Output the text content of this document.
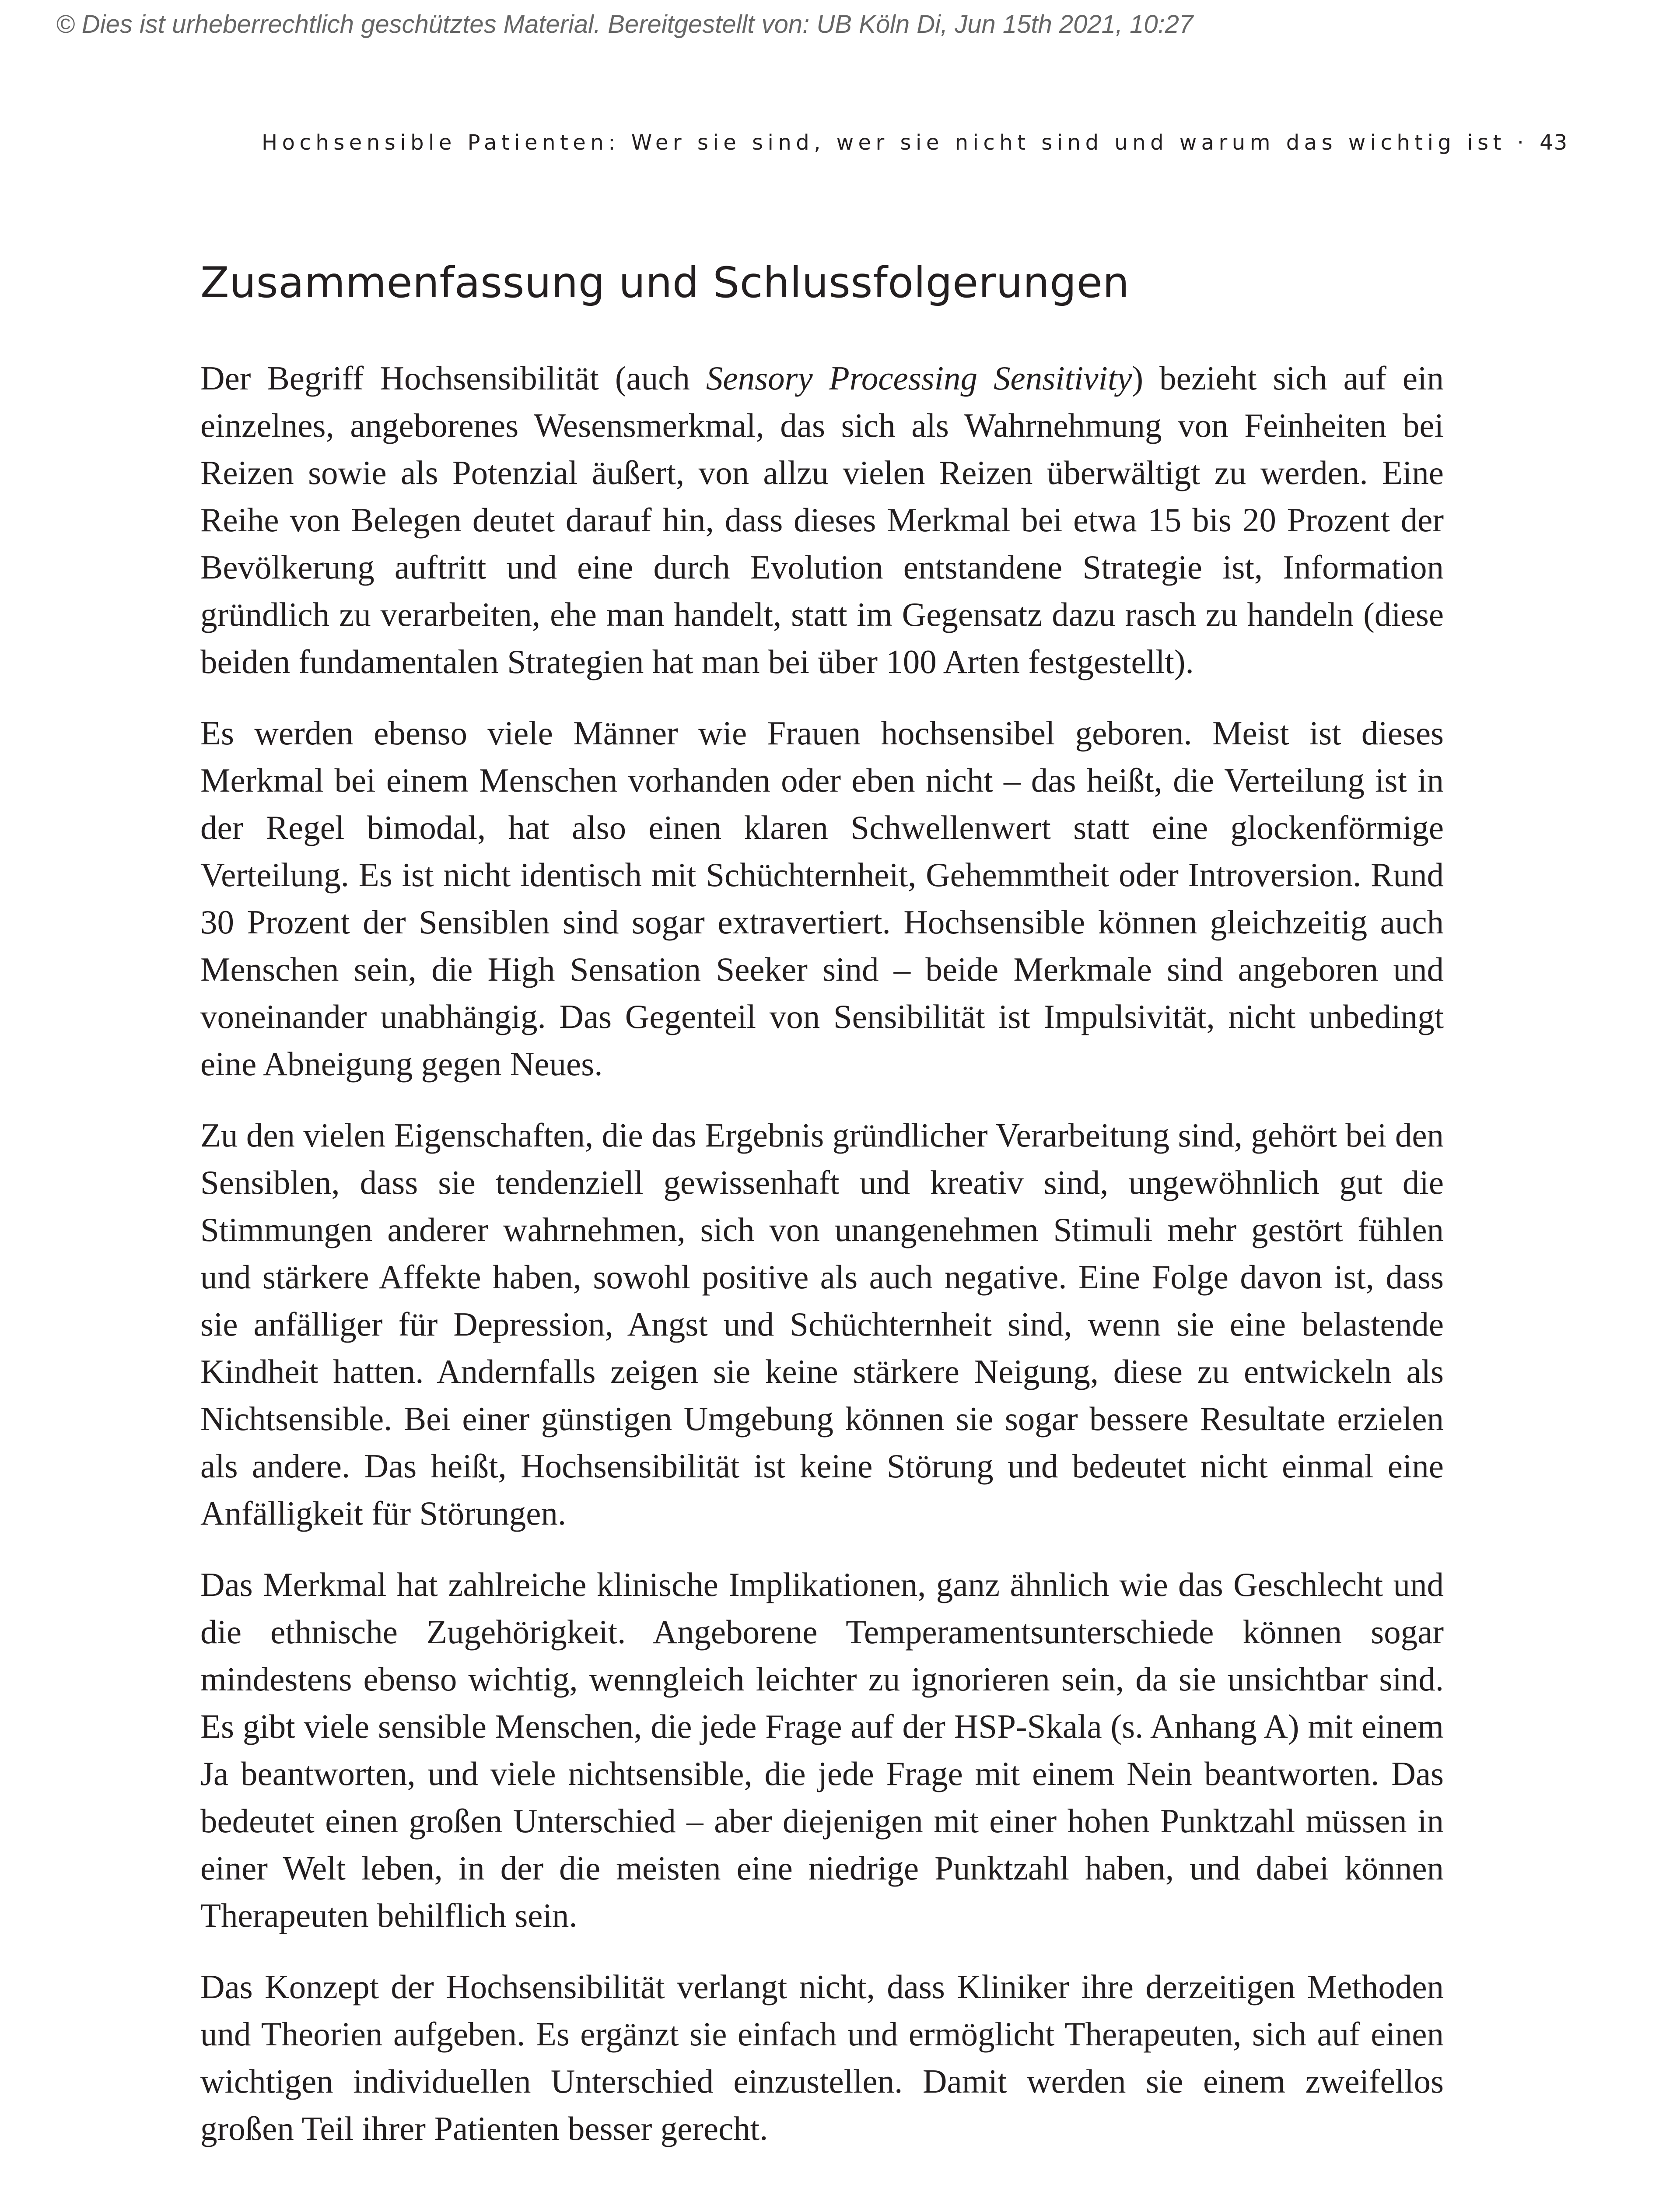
© Dies ist urheberrechtlich geschütztes Material. Bereitgestellt von: UB Köln Di, Jun 15th 2021, 10:27
Hochsensible Patienten: Wer sie sind, wer sie nicht sind und warum das wichtig ist · 43
Zusammenfassung und Schlussfolgerungen

Der Begriff Hochsensibilität (auch Sensory Processing Sensitivity) bezieht sich auf ein einzelnes, angeborenes Wesensmerkmal, das sich als Wahrnehmung von Feinheiten bei Reizen sowie als Potenzial äußert, von allzu vielen Reizen überwältigt zu werden. Eine Reihe von Belegen deutet darauf hin, dass dieses Merkmal bei etwa 15 bis 20 Prozent der Bevölkerung auftritt und eine durch Evolution entstandene Strategie ist, Information gründlich zu verarbeiten, ehe man handelt, statt im Gegensatz dazu rasch zu handeln (diese beiden fundamentalen Strategien hat man bei über 100 Arten festgestellt).

Es werden ebenso viele Männer wie Frauen hochsensibel geboren. Meist ist dieses Merkmal bei einem Menschen vorhanden oder eben nicht – das heißt, die Verteilung ist in der Regel bimodal, hat also einen klaren Schwellenwert statt eine glockenförmige Verteilung. Es ist nicht identisch mit Schüchternheit, Gehemmtheit oder Introversion. Rund 30 Prozent der Sensiblen sind sogar extravertiert. Hochsensible können gleichzeitig auch Menschen sein, die High Sensation Seeker sind – beide Merkmale sind angeboren und voneinander unabhängig. Das Gegenteil von Sensibilität ist Impulsivität, nicht unbedingt eine Abneigung gegen Neues.

Zu den vielen Eigenschaften, die das Ergebnis gründlicher Verarbeitung sind, gehört bei den Sensiblen, dass sie tendenziell gewissenhaft und kreativ sind, ungewöhnlich gut die Stimmungen anderer wahrnehmen, sich von unangenehmen Stimuli mehr gestört fühlen und stärkere Affekte haben, sowohl positive als auch negative. Eine Folge davon ist, dass sie anfälliger für Depression, Angst und Schüchternheit sind, wenn sie eine belastende Kindheit hatten. Andernfalls zeigen sie keine stärkere Neigung, diese zu entwickeln als Nichtsensible. Bei einer günstigen Umgebung können sie sogar bessere Resultate erzielen als andere. Das heißt, Hochsensibilität ist keine Störung und bedeutet nicht einmal eine Anfälligkeit für Störungen.

Das Merkmal hat zahlreiche klinische Implikationen, ganz ähnlich wie das Geschlecht und die ethnische Zugehörigkeit. Angeborene Temperamentsunterschiede können sogar mindestens ebenso wichtig, wenngleich leichter zu ignorieren sein, da sie unsichtbar sind. Es gibt viele sensible Menschen, die jede Frage auf der HSP-Skala (s. Anhang A) mit einem Ja beantworten, und viele nichtsensible, die jede Frage mit einem Nein beantworten. Das bedeutet einen großen Unterschied – aber diejenigen mit einer hohen Punktzahl müssen in einer Welt leben, in der die meisten eine niedrige Punktzahl haben, und dabei können Therapeuten behilflich sein.

Das Konzept der Hochsensibilität verlangt nicht, dass Kliniker ihre derzeitigen Methoden und Theorien aufgeben. Es ergänzt sie einfach und ermöglicht Therapeuten, sich auf einen wichtigen individuellen Unterschied einzustellen. Damit werden sie einem zweifellos großen Teil ihrer Patienten besser gerecht.
